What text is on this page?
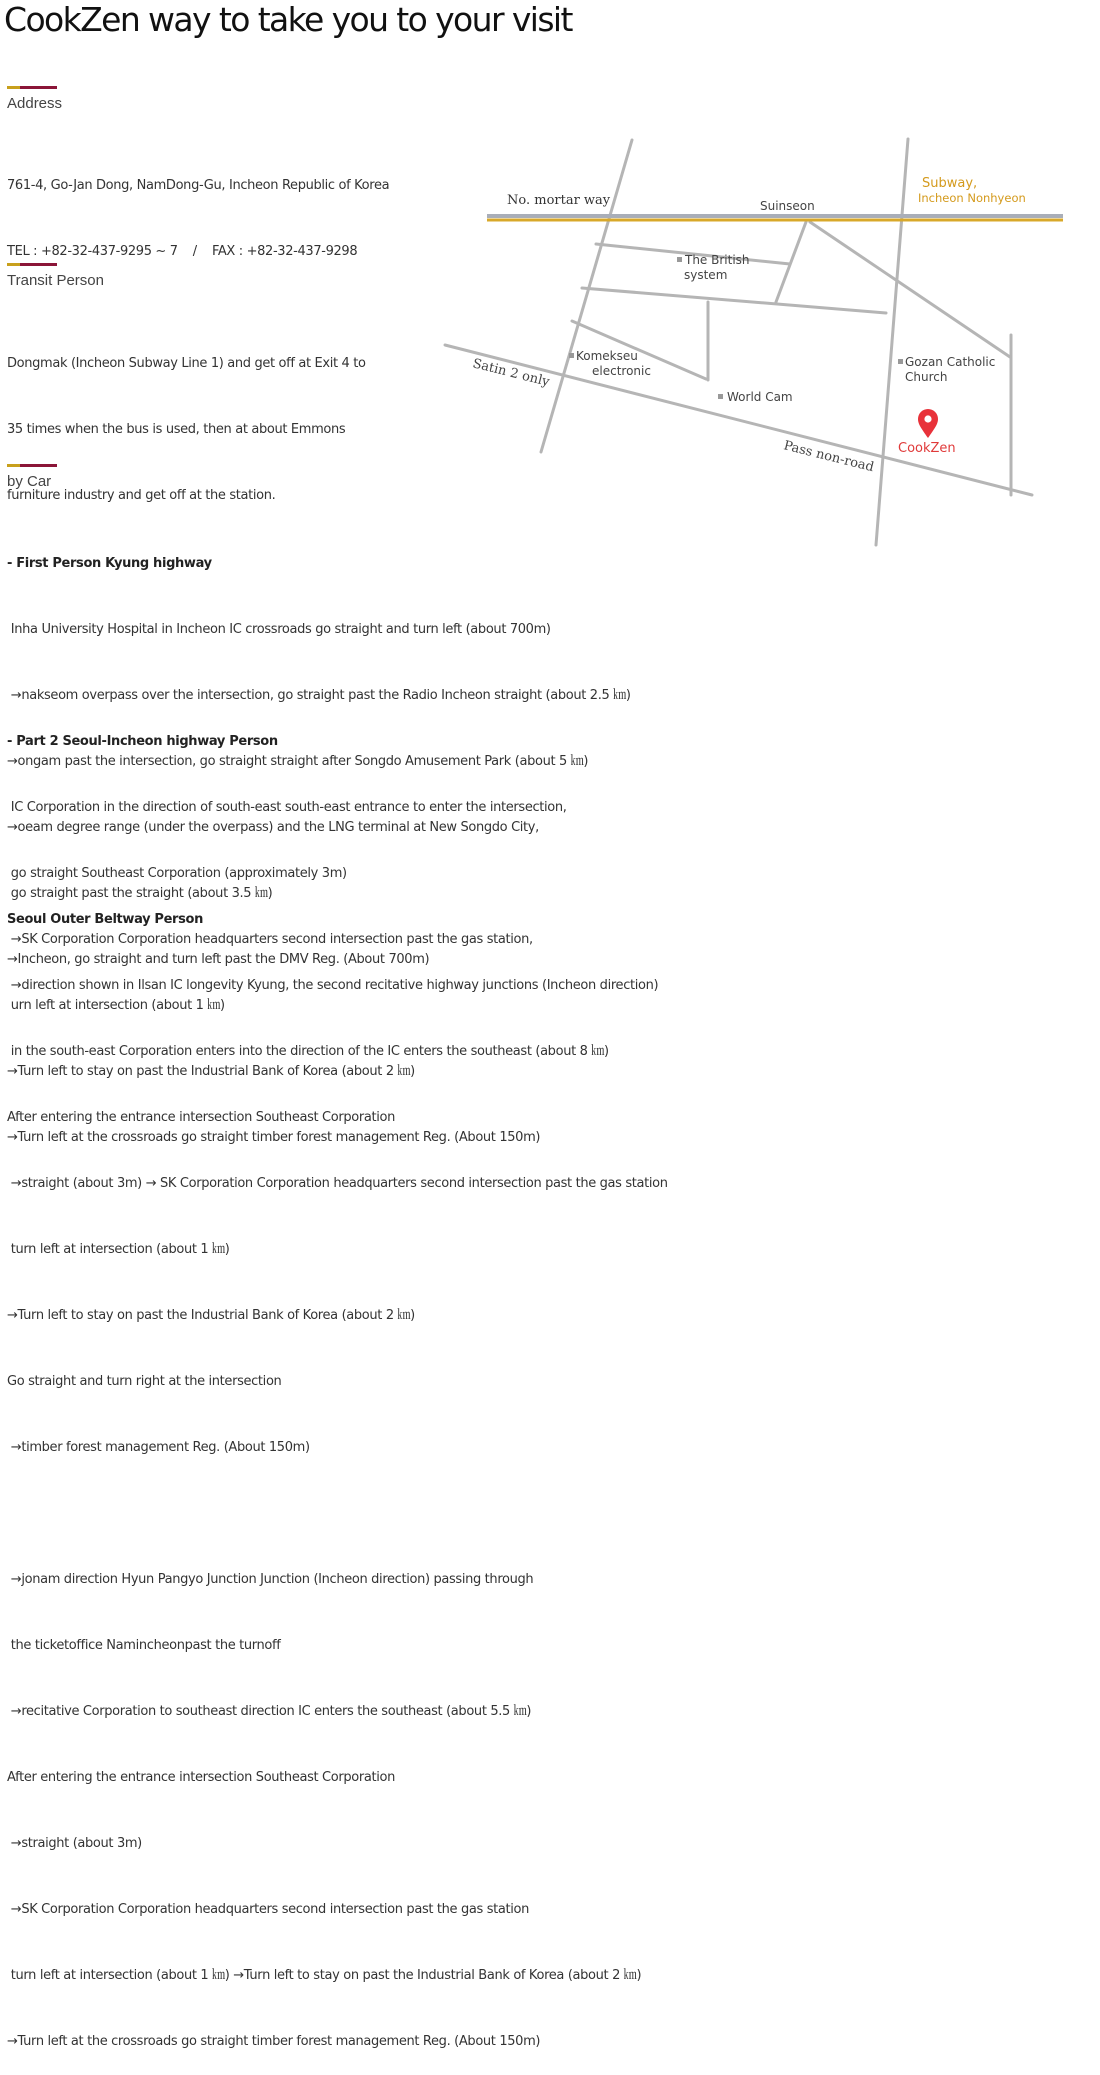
CookZen way to take you to your visit
Address

761-4, Go-Jan Dong, NamDong-Gu, Incheon Republic of Korea

TEL : +82-32-437-9295 ~ 7    /    FAX : +82-32-437-9298

Transit Person

Dongmak (Incheon Subway Line 1) and get off at Exit 4 to

35 times when the bus is used, then at about Emmons

furniture industry and get off at the station.

by Car

- First Person Kyung highway

Inha University Hospital in Incheon IC crossroads go straight and turn left (about 700m)

→nakseom overpass over the intersection, go straight past the Radio Incheon straight (about 2.5 ㎞)

→ongam past the intersection, go straight straight after Songdo Amusement Park (about 5 ㎞)

→oeam degree range (under the overpass) and the LNG terminal at New Songdo City,

go straight past the straight (about 3.5 ㎞)

→Incheon, go straight and turn left past the DMV Reg. (About 700m)

- Part 2 Seoul-Incheon highway Person

IC Corporation in the direction of south-east south-east entrance to enter the intersection,

go straight Southeast Corporation (approximately 3m)

→SK Corporation Corporation headquarters second intersection past the gas station,

urn left at intersection (about 1 ㎞)

→Turn left to stay on past the Industrial Bank of Korea (about 2 ㎞)

→Turn left at the crossroads go straight timber forest management Reg. (About 150m)

Seoul Outer Beltway Person

→direction shown in Ilsan IC longevity Kyung, the second recitative highway junctions (Incheon direction)

in the south-east Corporation enters into the direction of the IC enters the southeast (about 8 ㎞)

After entering the entrance intersection Southeast Corporation

→straight (about 3m) → SK Corporation Corporation headquarters second intersection past the gas station

turn left at intersection (about 1 ㎞)

→Turn left to stay on past the Industrial Bank of Korea (about 2 ㎞)

Go straight and turn right at the intersection

→timber forest management Reg. (About 150m)

→jonam direction Hyun Pangyo Junction Junction (Incheon direction) passing through

the ticketoffice Namincheonpast the turnoff

→recitative Corporation to southeast direction IC enters the southeast (about 5.5 ㎞)

After entering the entrance intersection Southeast Corporation

→straight (about 3m)

→SK Corporation Corporation headquarters second intersection past the gas station

turn left at intersection (about 1 ㎞) →Turn left to stay on past the Industrial Bank of Korea (about 2 ㎞)

→Turn left at the crossroads go straight timber forest management Reg. (About 150m)

No. mortar way	Suinseon
Subway,
Incheon Nonhyeon
The British
system
Komekseu
electronic
Satin 2 only
World Cam
Gozan Catholic
Church
Pass non-road CookZen
